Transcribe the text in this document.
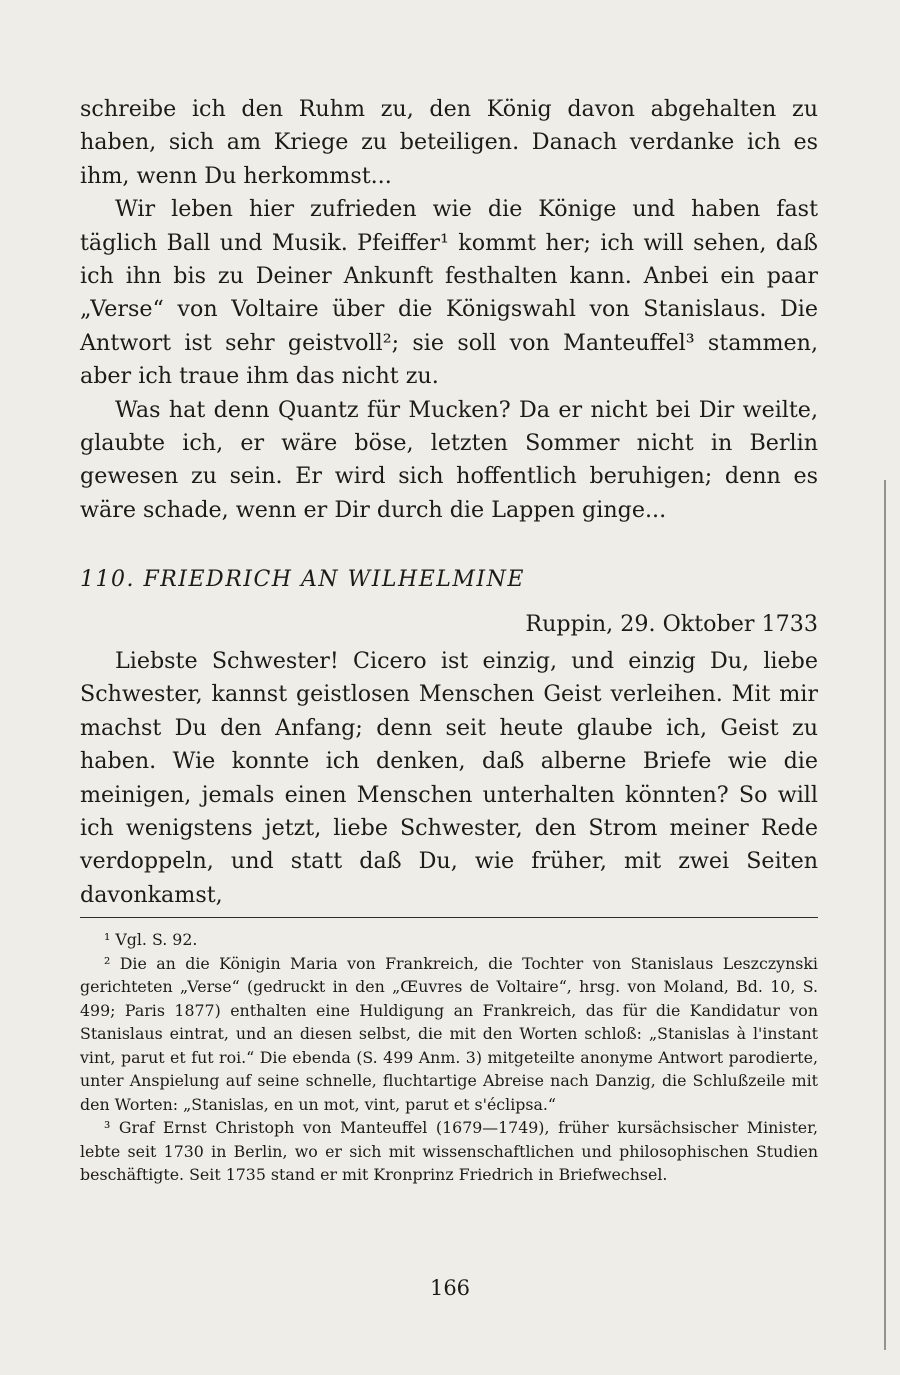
schreibe ich den Ruhm zu, den König davon abgehalten zu haben, sich am Kriege zu beteiligen. Danach verdanke ich es ihm, wenn Du herkommst...

Wir leben hier zufrieden wie die Könige und haben fast täglich Ball und Musik. Pfeiffer¹ kommt her; ich will sehen, daß ich ihn bis zu Deiner Ankunft festhalten kann. Anbei ein paar „Verse“ von Voltaire über die Königswahl von Stanislaus. Die Antwort ist sehr geistvoll²; sie soll von Manteuffel³ stammen, aber ich traue ihm das nicht zu.

Was hat denn Quantz für Mucken? Da er nicht bei Dir weilte, glaubte ich, er wäre böse, letzten Sommer nicht in Berlin gewesen zu sein. Er wird sich hoffentlich beruhigen; denn es wäre schade, wenn er Dir durch die Lappen ginge...

110. FRIEDRICH AN WILHELMINE
Ruppin, 29. Oktober 1733

Liebste Schwester! Cicero ist einzig, und einzig Du, liebe Schwester, kannst geistlosen Menschen Geist verleihen. Mit mir machst Du den Anfang; denn seit heute glaube ich, Geist zu haben. Wie konnte ich denken, daß alberne Briefe wie die meinigen, jemals einen Menschen unterhalten könnten? So will ich wenigstens jetzt, liebe Schwester, den Strom meiner Rede verdoppeln, und statt daß Du, wie früher, mit zwei Seiten davonkamst,

¹ Vgl. S. 92.

² Die an die Königin Maria von Frankreich, die Tochter von Stanislaus Leszczynski gerichteten „Verse“ (gedruckt in den „Œuvres de Voltaire“, hrsg. von Moland, Bd. 10, S. 499; Paris 1877) enthalten eine Huldigung an Frankreich, das für die Kandidatur von Stanislaus eintrat, und an diesen selbst, die mit den Worten schloß: „Stanislas à l'instant vint, parut et fut roi.“ Die ebenda (S. 499 Anm. 3) mitgeteilte anonyme Antwort parodierte, unter Anspielung auf seine schnelle, fluchtartige Abreise nach Danzig, die Schlußzeile mit den Worten: „Stanislas, en un mot, vint, parut et s'éclipsa.“

³ Graf Ernst Christoph von Manteuffel (1679—1749), früher kursächsischer Minister, lebte seit 1730 in Berlin, wo er sich mit wissenschaftlichen und philosophischen Studien beschäftigte. Seit 1735 stand er mit Kronprinz Friedrich in Briefwechsel.

166
